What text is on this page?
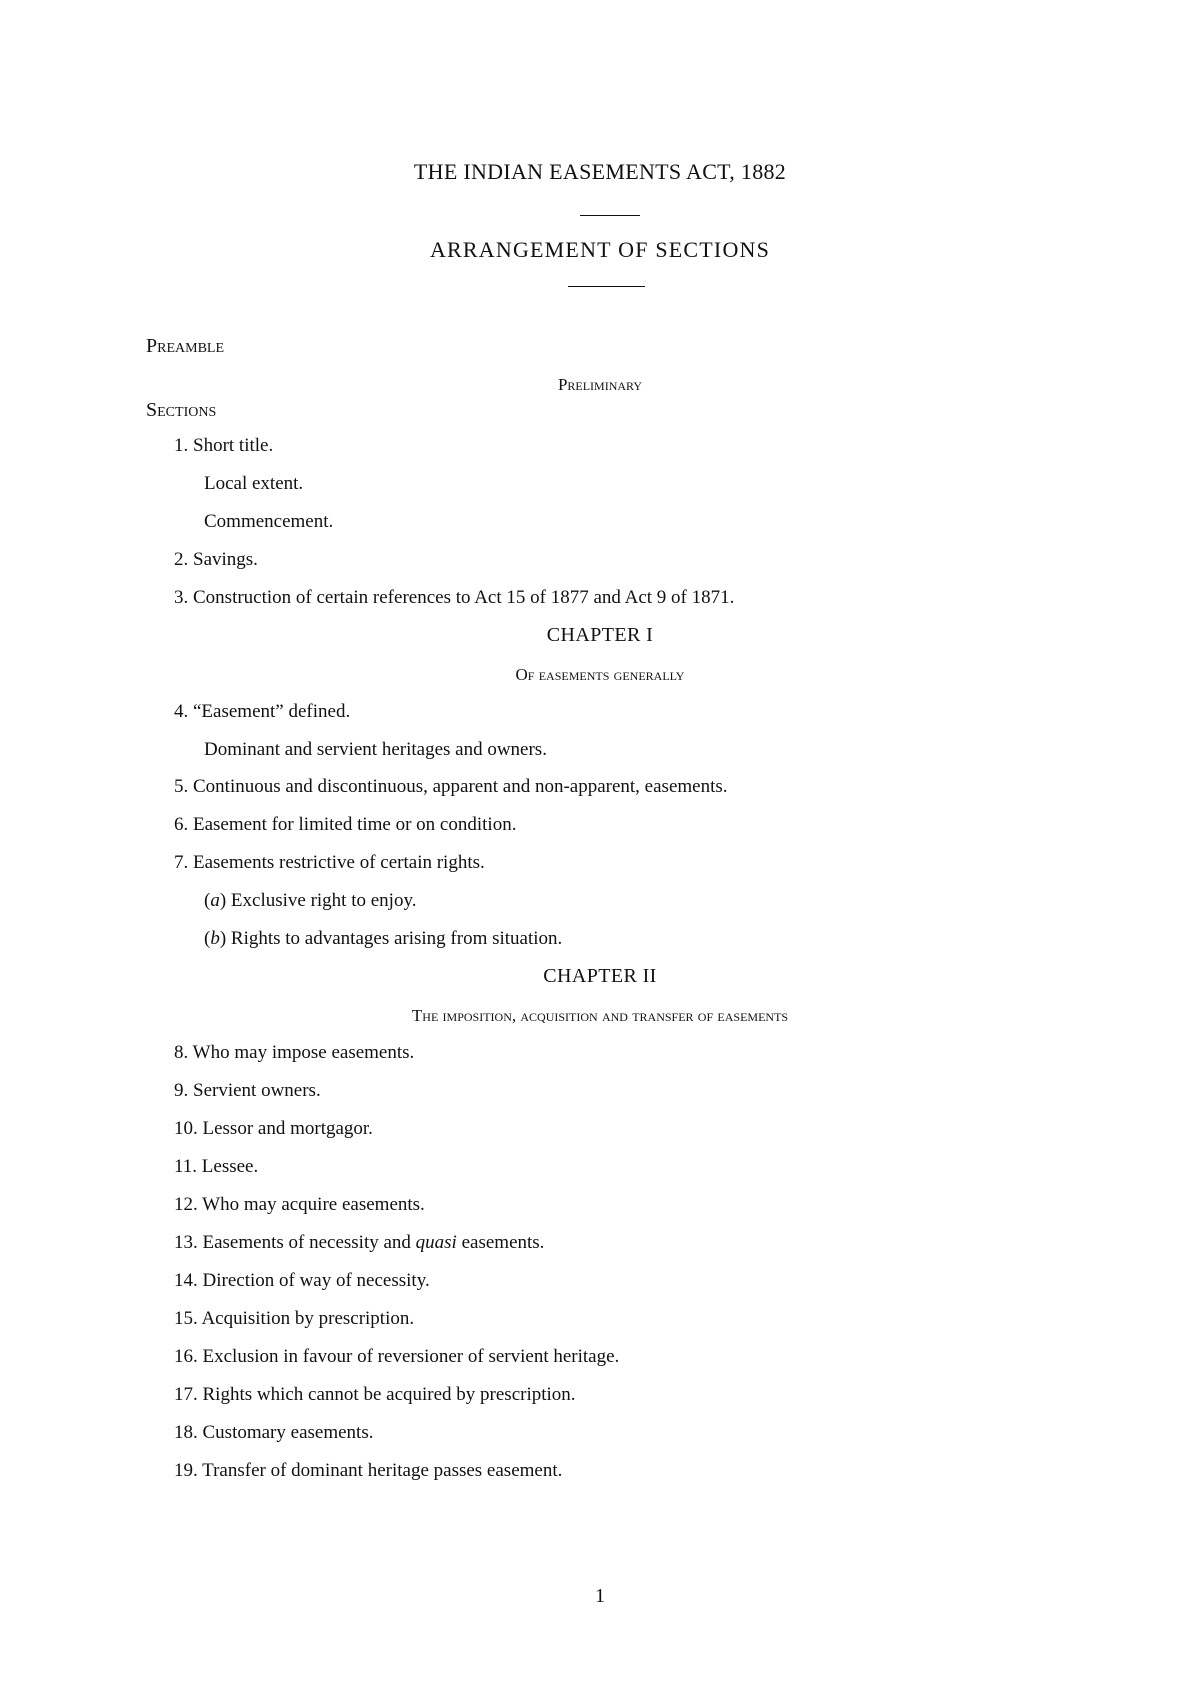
THE INDIAN EASEMENTS ACT, 1882
ARRANGEMENT OF SECTIONS
Preamble
Preliminary
Sections
1. Short title.
Local extent.
Commencement.
2. Savings.
3. Construction of certain references to Act 15 of 1877 and Act 9 of 1871.
CHAPTER I
Of easements generally
4. “Easement” defined.
Dominant and servient heritages and owners.
5. Continuous and discontinuous, apparent and non-apparent, easements.
6. Easement for limited time or on condition.
7. Easements restrictive of certain rights.
(a) Exclusive right to enjoy.
(b) Rights to advantages arising from situation.
CHAPTER II
The imposition, acquisition and transfer of easements
8. Who may impose easements.
9. Servient owners.
10. Lessor and mortgagor.
11. Lessee.
12. Who may acquire easements.
13. Easements of necessity and quasi easements.
14. Direction of way of necessity.
15. Acquisition by prescription.
16. Exclusion in favour of reversioner of servient heritage.
17. Rights which cannot be acquired by prescription.
18. Customary easements.
19. Transfer of dominant heritage passes easement.
1
